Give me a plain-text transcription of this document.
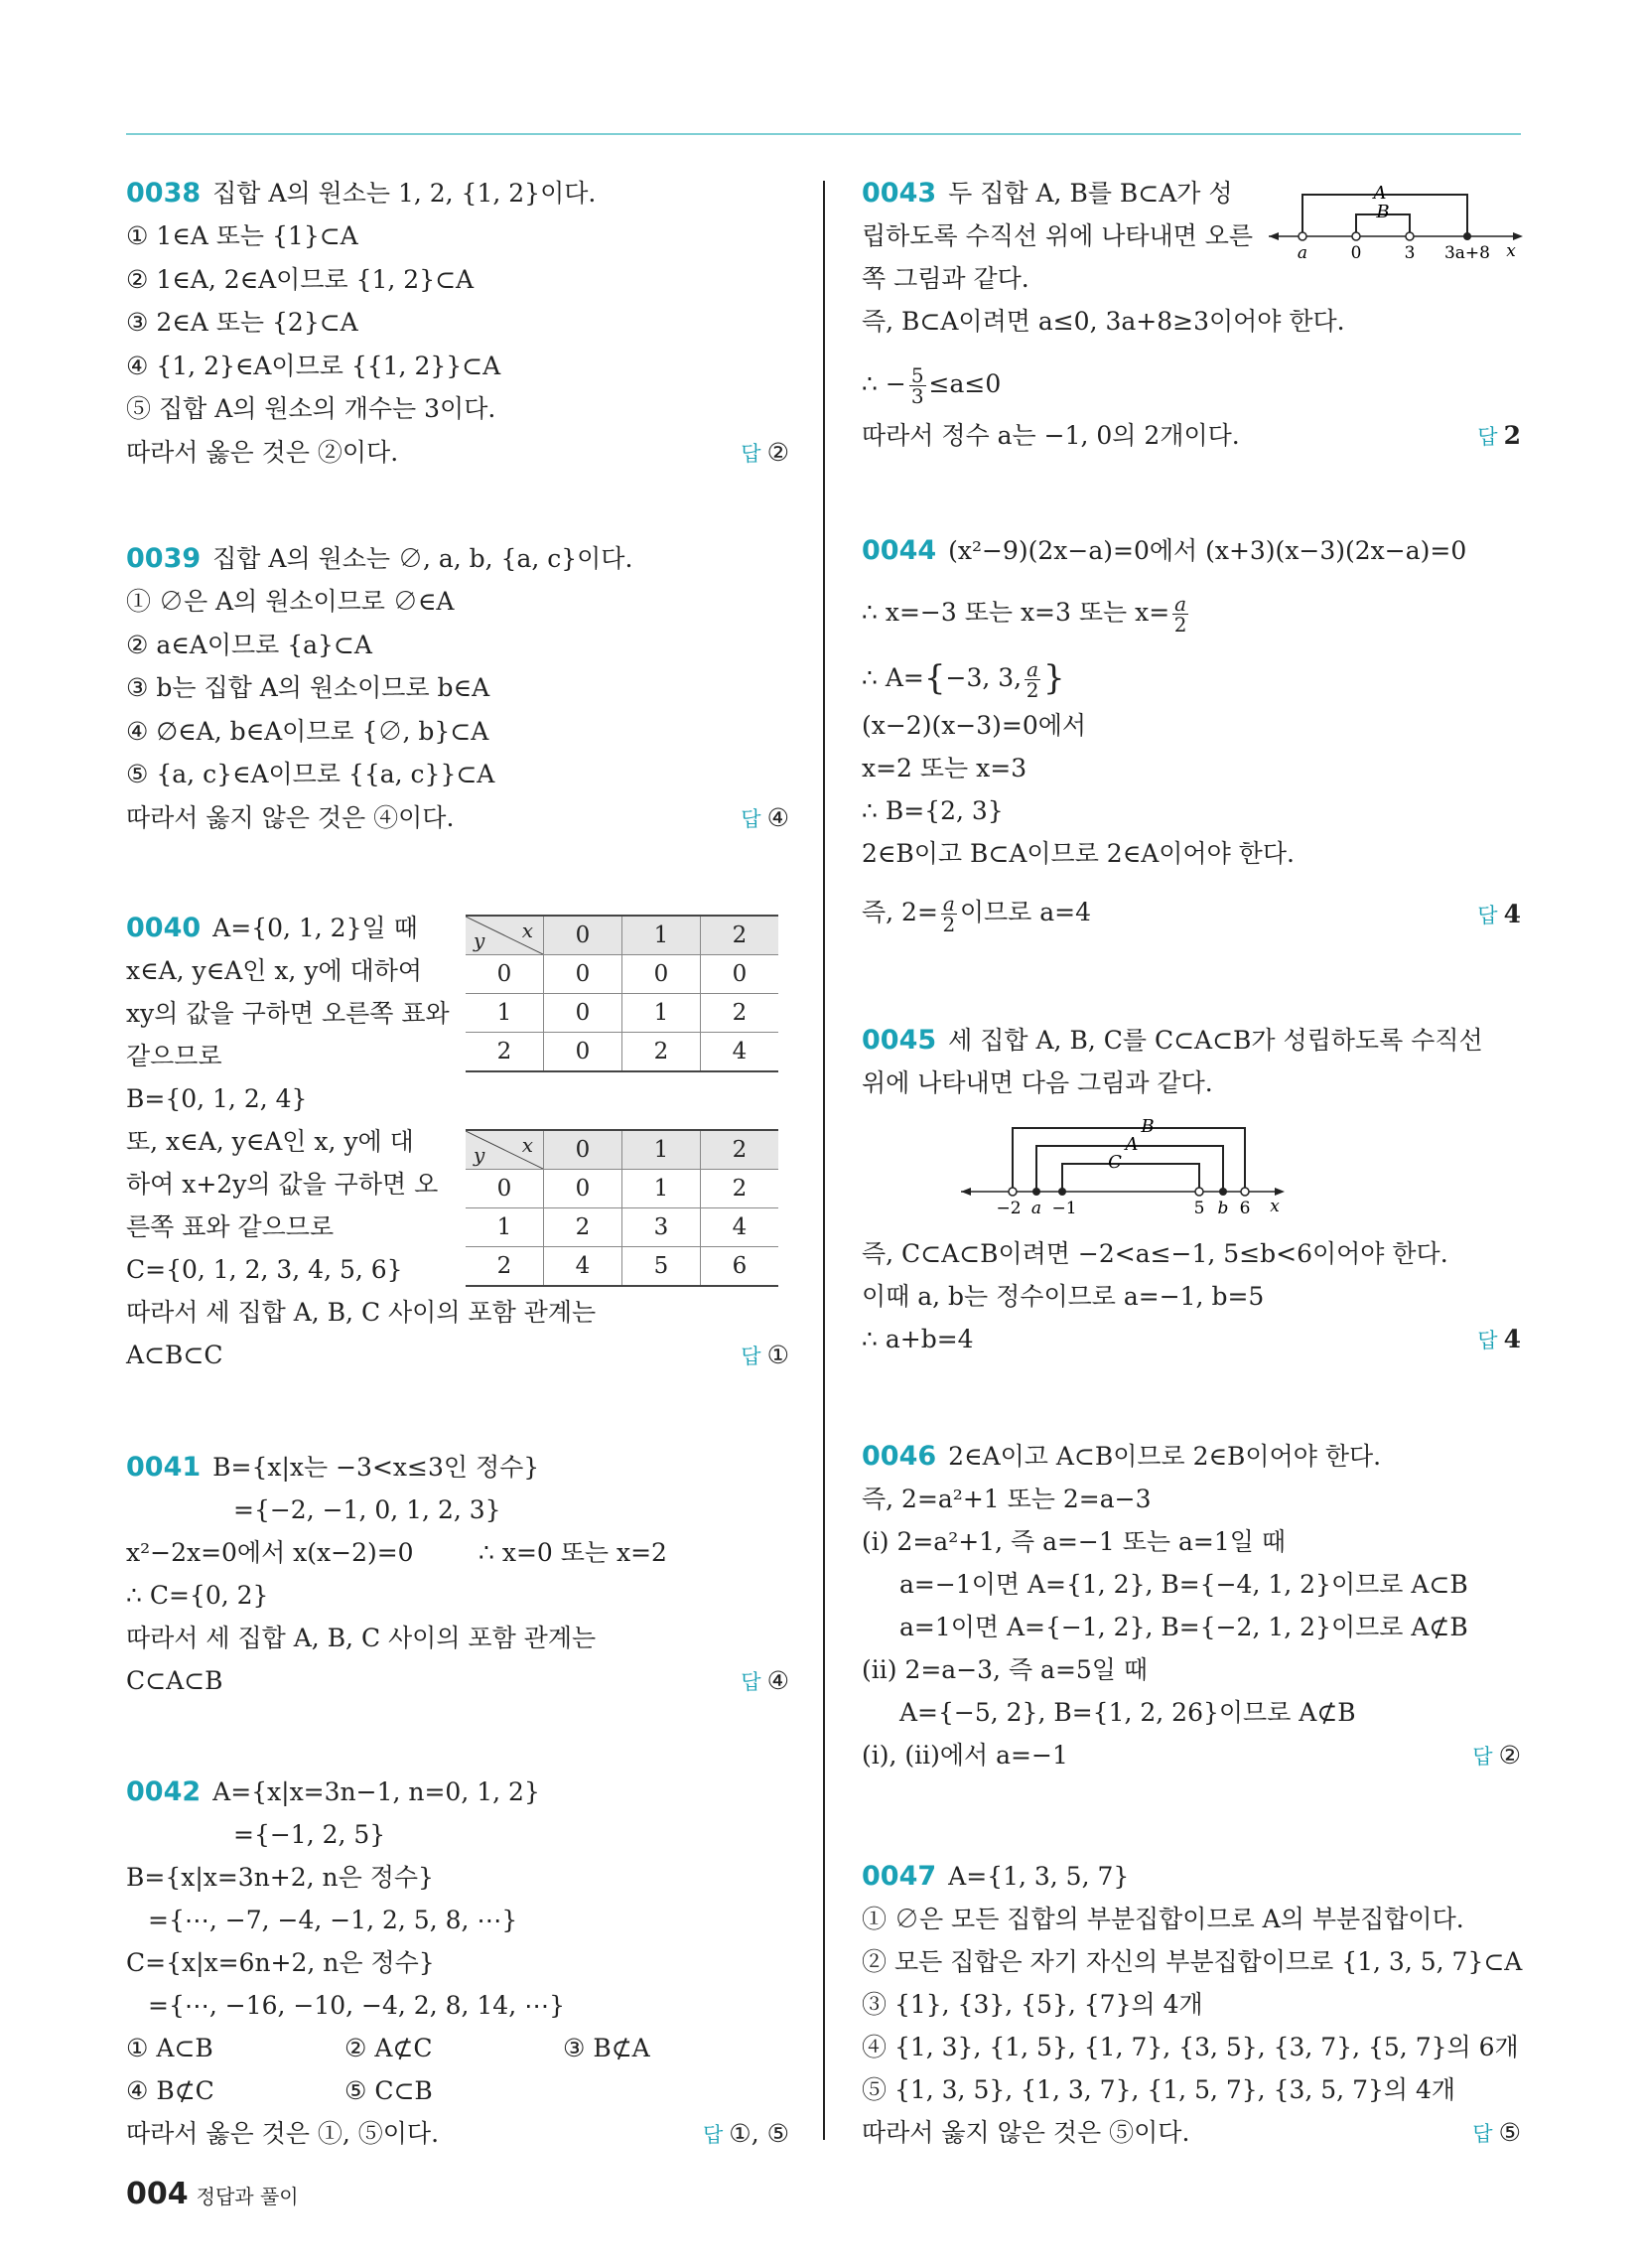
0038 집합 A의 원소는 1, 2, {1, 2}이다.
① 1∈A 또는 {1}⊂A
② 1∈A, 2∈A이므로 {1, 2}⊂A
③ 2∈A 또는 {2}⊂A
④ {1, 2}∈A이므로 {{1, 2}}⊂A
⑤ 집합 A의 원소의 개수는 3이다.
따라서 옳은 것은 ②이다.	답 ②
0039 집합 A의 원소는 ∅, a, b, {a, c}이다.
① ∅은 A의 원소이므로 ∅∈A
② a∈A이므로 {a}⊂A
③ b는 집합 A의 원소이므로 b∈A
④ ∅∈A, b∈A이므로 {∅, b}⊂A
⑤ {a, c}∈A이므로 {{a, c}}⊂A
따라서 옳지 않은 것은 ④이다.	답 ④
0040 A={0, 1, 2}일 때
x∈A, y∈A인 x, y에 대하여
xy의 값을 구하면 오른쪽 표와
같으므로
B={0, 1, 2, 4}
또, x∈A, y∈A인 x, y에 대
하여 x+2y의 값을 구하면 오
른쪽 표와 같으므로
C={0, 1, 2, 3, 4, 5, 6}
따라서 세 집합 A, B, C 사이의 포함 관계는
A⊂B⊂C	답 ①
y x	0	1	2
0	0	0	0
1	0	1	2
2	0	2	4
y x	0	1	2
0	0	1	2
1	2	3	4
2	4	5	6
0041 B={x|x는 −3<x≤3인 정수}
={−2, −1, 0, 1, 2, 3}
x²−2x=0에서 x(x−2)=0	∴ x=0 또는 x=2
∴ C={0, 2}
따라서 세 집합 A, B, C 사이의 포함 관계는
C⊂A⊂B	답 ④
0042 A={x|x=3n−1, n=0, 1, 2}
={−1, 2, 5}
B={x|x=3n+2, n은 정수}
={⋯, −7, −4, −1, 2, 5, 8, ⋯}
C={x|x=6n+2, n은 정수}
={⋯, −16, −10, −4, 2, 8, 14, ⋯}
① A⊂B	② A⊄C	③ B⊄A
④ B⊄C	⑤ C⊂B
따라서 옳은 것은 ①, ⑤이다.	답 ①, ⑤
0043 두 집합 A, B를 B⊂A가 성
립하도록 수직선 위에 나타내면 오른
쪽 그림과 같다.
즉, B⊂A이려면 a≤0, 3a+8≥3이어야 한다.
∴ − $\frac{5}{3} \le a\le 0$
따라서 정수 a는 −1, 0의 2개이다.	답 2
A
B
a	0	3 3a+8 x
0044 (x²−9)(2x−a)=0에서 (x+3)(x−3)(2x−a)=0
∴ x=−3 또는 x=3 또는 $x= \frac{a}{2}$
∴ A={−3, 3, $\frac{a}{2}$ }
(x−2)(x−3)=0에서
x=2 또는 x=3
∴ B={2, 3}
2∈B이고 B⊂A이므로 2∈A이어야 한다.
즉, $2= \frac{a}{2}$ 이므로 a=4	답 4
0045 세 집합 A, B, C를 C⊂A⊂B가 성립하도록 수직선
위에 나타내면 다음 그림과 같다.
B
A
C
−2 a −1	5 b 6 x
즉, C⊂A⊂B이려면 −2<a≤−1, 5≤b<6이어야 한다.
이때 a, b는 정수이므로 a=−1, b=5
∴ a+b=4	답 4
0046 2∈A이고 A⊂B이므로 2∈B이어야 한다.
즉, 2=a²+1 또는 2=a−3
(ⅰ) 2=a²+1, 즉 a=−1 또는 a=1일 때
a=−1이면 A={1, 2}, B={−4, 1, 2}이므로 A⊂B
a=1이면 A={−1, 2}, B={−2, 1, 2}이므로 A⊄B
(ⅱ) 2=a−3, 즉 a=5일 때
A={−5, 2}, B={1, 2, 26}이므로 A⊄B
(ⅰ), (ⅱ)에서 a=−1	답 ②
0047 A={1, 3, 5, 7}
① ∅은 모든 집합의 부분집합이므로 A의 부분집합이다.
② 모든 집합은 자기 자신의 부분집합이므로 {1, 3, 5, 7}⊂A
③ {1}, {3}, {5}, {7}의 4개
④ {1, 3}, {1, 5}, {1, 7}, {3, 5}, {3, 7}, {5, 7}의 6개
⑤ {1, 3, 5}, {1, 3, 7}, {1, 5, 7}, {3, 5, 7}의 4개
따라서 옳지 않은 것은 ⑤이다.	답 ⑤
004 정답과 풀이
